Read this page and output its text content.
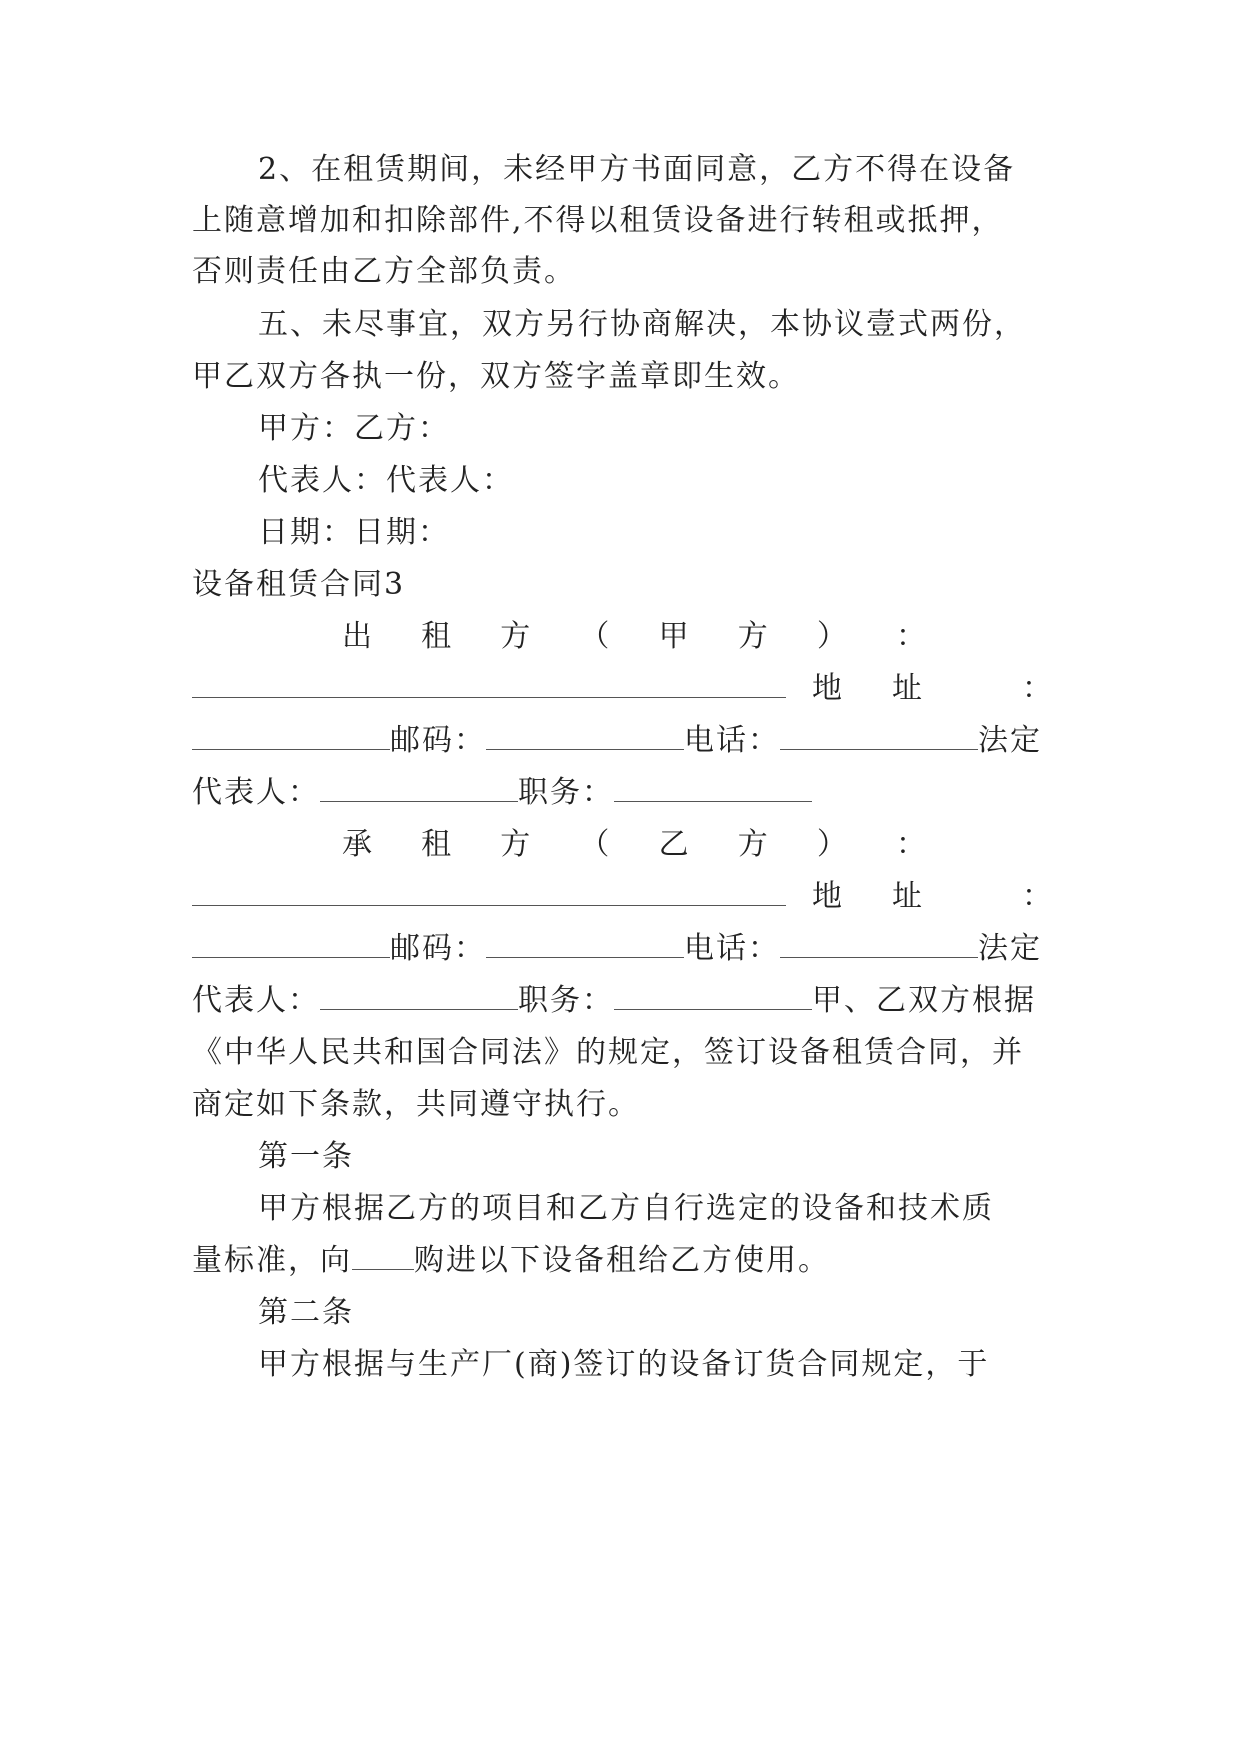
2、在租赁期间，未经甲方书面同意，乙方不得在设备
上随意增加和扣除部件,不得以租赁设备进行转租或抵押，
否则责任由乙方全部负责。
五、未尽事宜，双方另行协商解决，本协议壹式两份，
甲乙双方各执一份，双方签字盖章即生效。
甲方：乙方：
代表人：代表人：
日期：日期：
设备租赁合同3
出 租 方 （ 甲 方 ） ：
地 址	：
邮码：	电话：	法定
代表人：	职务：
承 租 方 （ 乙 方 ） ：
地 址	：
邮码：	电话：	法定
代表人：	职务：	甲、乙双方根据
《中华人民共和国合同法》的规定，签订设备租赁合同，并
商定如下条款，共同遵守执行。
第一条
甲方根据乙方的项目和乙方自行选定的设备和技术质
量标准，向 购进以下设备租给乙方使用。
第二条
甲方根据与生产厂(商)签订的设备订货合同规定，于
